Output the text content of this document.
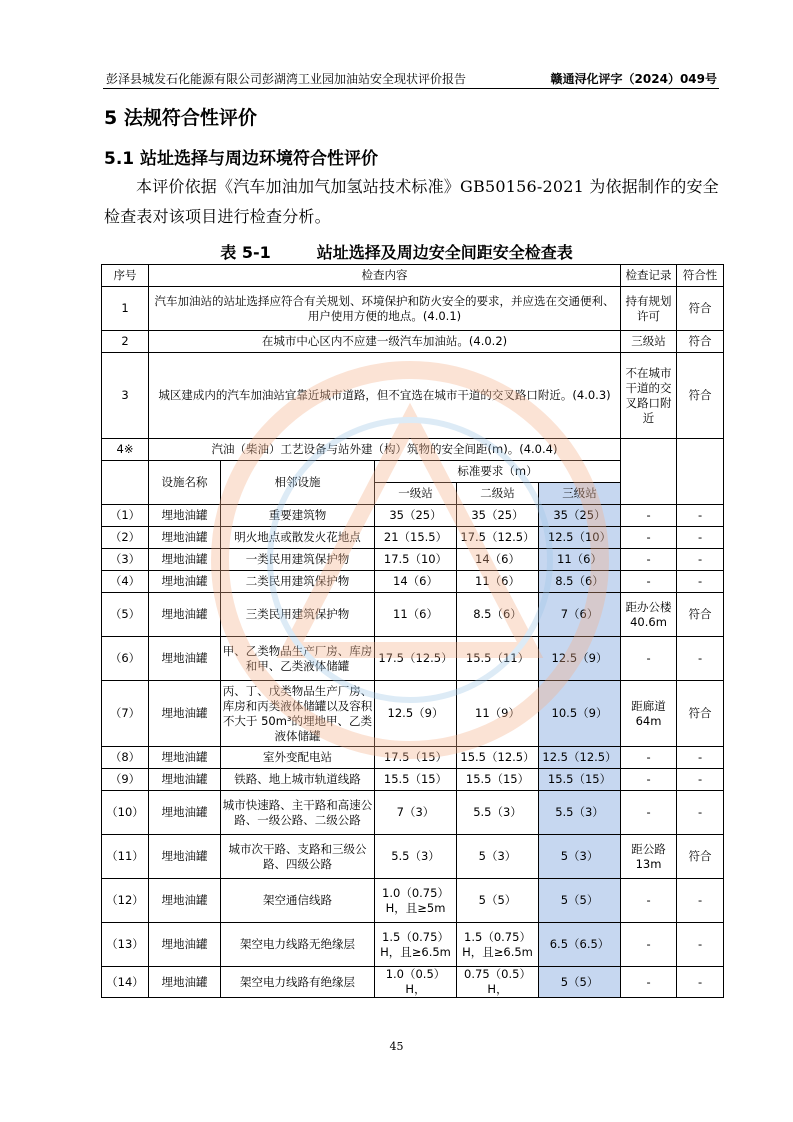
彭泽县城发石化能源有限公司彭湖湾工业园加油站安全现状评价报告	赣通浔化评字（2024）049号
5 法规符合性评价
5.1 站址选择与周边环境符合性评价
本评价依据《汽车加油加气加氢站技术标准》GB50156-2021 为依据制作的安全检查表对该项目进行检查分析。
表 5-1	站址选择及周边安全间距安全检查表
序号	检查内容					检查记录	符合性
1	汽车加油站的站址选择应符合有关规划、环境保护和防火安全的要求，并应选在交通便利、用户使用方便的地点。(4.0.1)					持有规划许可	符合
2	在城市中心区内不应建一级汽车加油站。(4.0.2)					三级站	符合
3	城区建成内的汽车加油站宜靠近城市道路，但不宜选在城市干道的交叉路口附近。(4.0.3)					不在城市干道的交叉路口附近	符合
4※	汽油（柴油）工艺设备与站外建（构）筑物的安全间距(m)。(4.0.4)						
	设施名称	相邻设施	标准要求（m）				
			一级站	二级站	三级站		
（1）	埋地油罐	重要建筑物	35（25）	35（25）	35（25）	-	-
（2）	埋地油罐	明火地点或散发火花地点	21（15.5）	17.5（12.5）	12.5（10）	-	-
（3）	埋地油罐	一类民用建筑保护物	17.5（10）	14（6）	11（6）	-	-
（4）	埋地油罐	二类民用建筑保护物	14（6）	11（6）	8.5（6）	-	-
（5）	埋地油罐	三类民用建筑保护物	11（6）	8.5（6）	7（6）	距办公楼40.6m	符合
（6）	埋地油罐	甲、乙类物品生产厂房、库房和甲、乙类液体储罐	17.5（12.5）	15.5（11）	12.5（9）	-	-
（7）	埋地油罐	丙、丁、戊类物品生产厂房、库房和丙类液体储罐以及容积不大于 50m³的埋地甲、乙类液体储罐	12.5（9）	11（9）	10.5（9）	距廊道64m	符合
（8）	埋地油罐	室外变配电站	17.5（15）	15.5（12.5）	12.5（12.5）	-	-
（9）	埋地油罐	铁路、地上城市轨道线路	15.5（15）	15.5（15）	15.5（15）	-	-
（10）	埋地油罐	城市快速路、主干路和高速公路、一级公路、二级公路	7（3）	5.5（3）	5.5（3）	-	-
（11）	埋地油罐	城市次干路、支路和三级公路、四级公路	5.5（3）	5（3）	5（3）	距公路13m	符合
（12）	埋地油罐	架空通信线路	1.0（0.75）H，且≥5m	5（5）	5（5）	-	-
（13）	埋地油罐	架空电力线路无绝缘层	1.5（0.75）H，且≥6.5m	1.5（0.75）H，且≥6.5m	6.5（6.5）	-	-
（14）	埋地油罐	架空电力线路有绝缘层	1.0（0.5）H，	0.75（0.5）H，	5（5）	-	-
45
